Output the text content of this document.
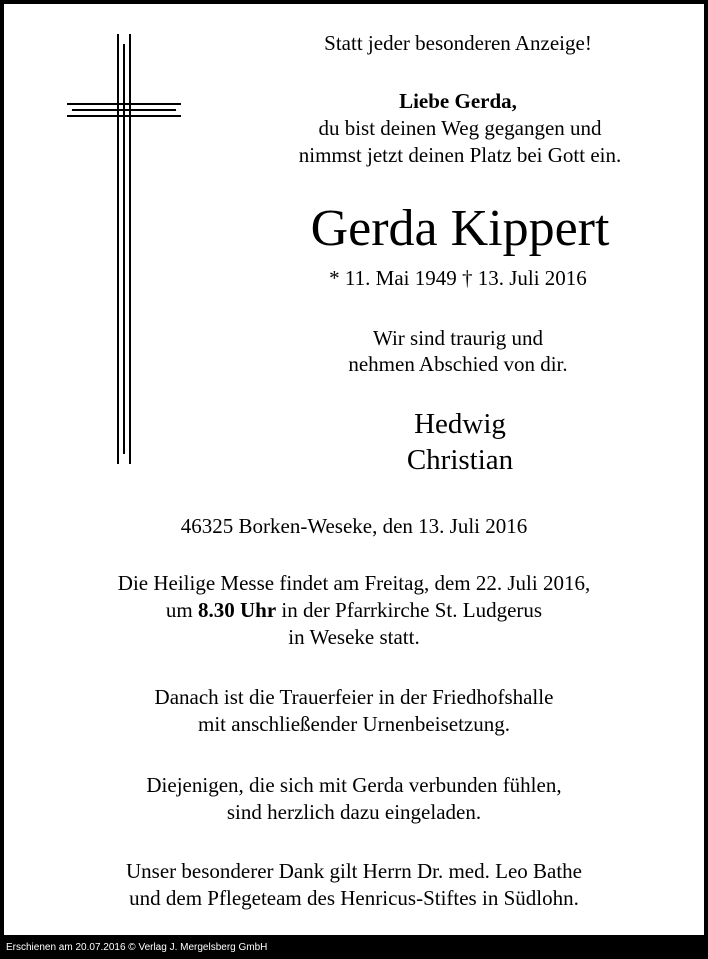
Statt jeder besonderen Anzeige!
Liebe Gerda,
du bist deinen Weg gegangen und
nimmst jetzt deinen Platz bei Gott ein.
Gerda Kippert
* 11. Mai 1949 † 13. Juli 2016
Wir sind traurig und
nehmen Abschied von dir.
Hedwig
Christian
46325 Borken-Weseke, den 13. Juli 2016
Die Heilige Messe findet am Freitag, dem 22. Juli 2016,
um 8.30 Uhr in der Pfarrkirche St. Ludgerus
in Weseke statt.
Danach ist die Trauerfeier in der Friedhofshalle
mit anschließender Urnenbeisetzung.
Diejenigen, die sich mit Gerda verbunden fühlen,
sind herzlich dazu eingeladen.
Unser besonderer Dank gilt Herrn Dr. med. Leo Bathe
und dem Pflegeteam des Henricus-Stiftes in Südlohn.
Erschienen am 20.07.2016 © Verlag J. Mergelsberg GmbH
